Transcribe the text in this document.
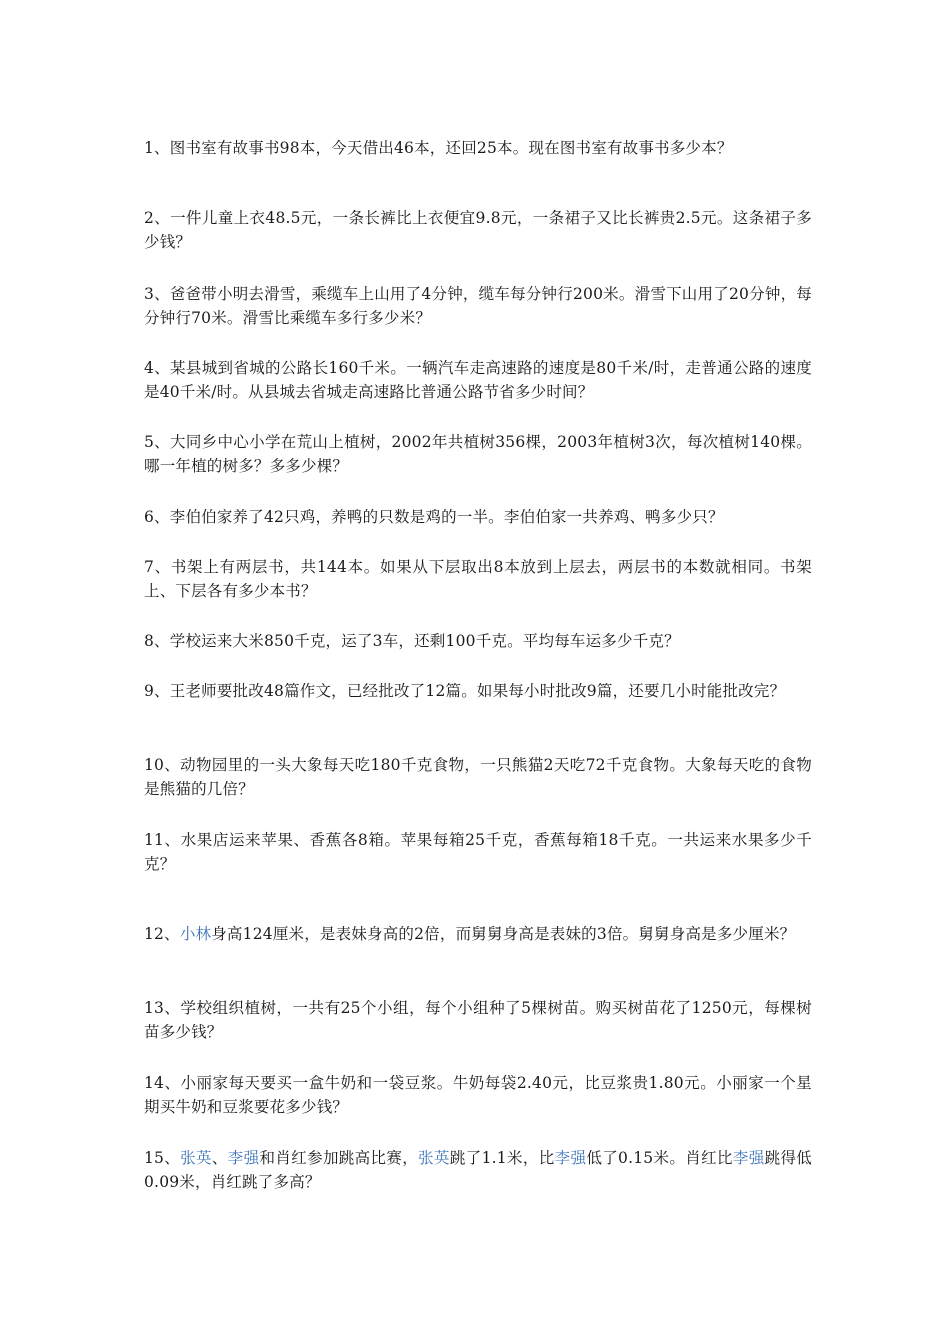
1、图书室有故事书98本，今天借出46本，还回25本。现在图书室有故事书多少本？

2、一件儿童上衣48.5元，一条长裤比上衣便宜9.8元，一条裙子又比长裤贵2.5元。这条裙子多少钱？

3、爸爸带小明去滑雪，乘缆车上山用了4分钟，缆车每分钟行200米。滑雪下山用了20分钟，每分钟行70米。滑雪比乘缆车多行多少米？

4、某县城到省城的公路长160千米。一辆汽车走高速路的速度是80千米/时，走普通公路的速度是40千米/时。从县城去省城走高速路比普通公路节省多少时间？

5、大同乡中心小学在荒山上植树，2002年共植树356棵，2003年植树3次，每次植树140棵。哪一年植的树多？多多少棵？

6、李伯伯家养了42只鸡，养鸭的只数是鸡的一半。李伯伯家一共养鸡、鸭多少只？

7、书架上有两层书，共144本。如果从下层取出8本放到上层去，两层书的本数就相同。书架上、下层各有多少本书？

8、学校运来大米850千克，运了3车，还剩100千克。平均每车运多少千克？

9、王老师要批改48篇作文，已经批改了12篇。如果每小时批改9篇，还要几小时能批改完？

10、动物园里的一头大象每天吃180千克食物，一只熊猫2天吃72千克食物。大象每天吃的食物是熊猫的几倍？

11、水果店运来苹果、香蕉各8箱。苹果每箱25千克，香蕉每箱18千克。一共运来水果多少千克？

12、小林身高124厘米，是表妹身高的2倍，而舅舅身高是表妹的3倍。舅舅身高是多少厘米？

13、学校组织植树，一共有25个小组，每个小组种了5棵树苗。购买树苗花了1250元，每棵树苗多少钱？

14、小丽家每天要买一盒牛奶和一袋豆浆。牛奶每袋2.40元，比豆浆贵1.80元。小丽家一个星期买牛奶和豆浆要花多少钱？

15、张英、李强和肖红参加跳高比赛，张英跳了1.1米，比李强低了0.15米。肖红比李强跳得低0.09米，肖红跳了多高？
